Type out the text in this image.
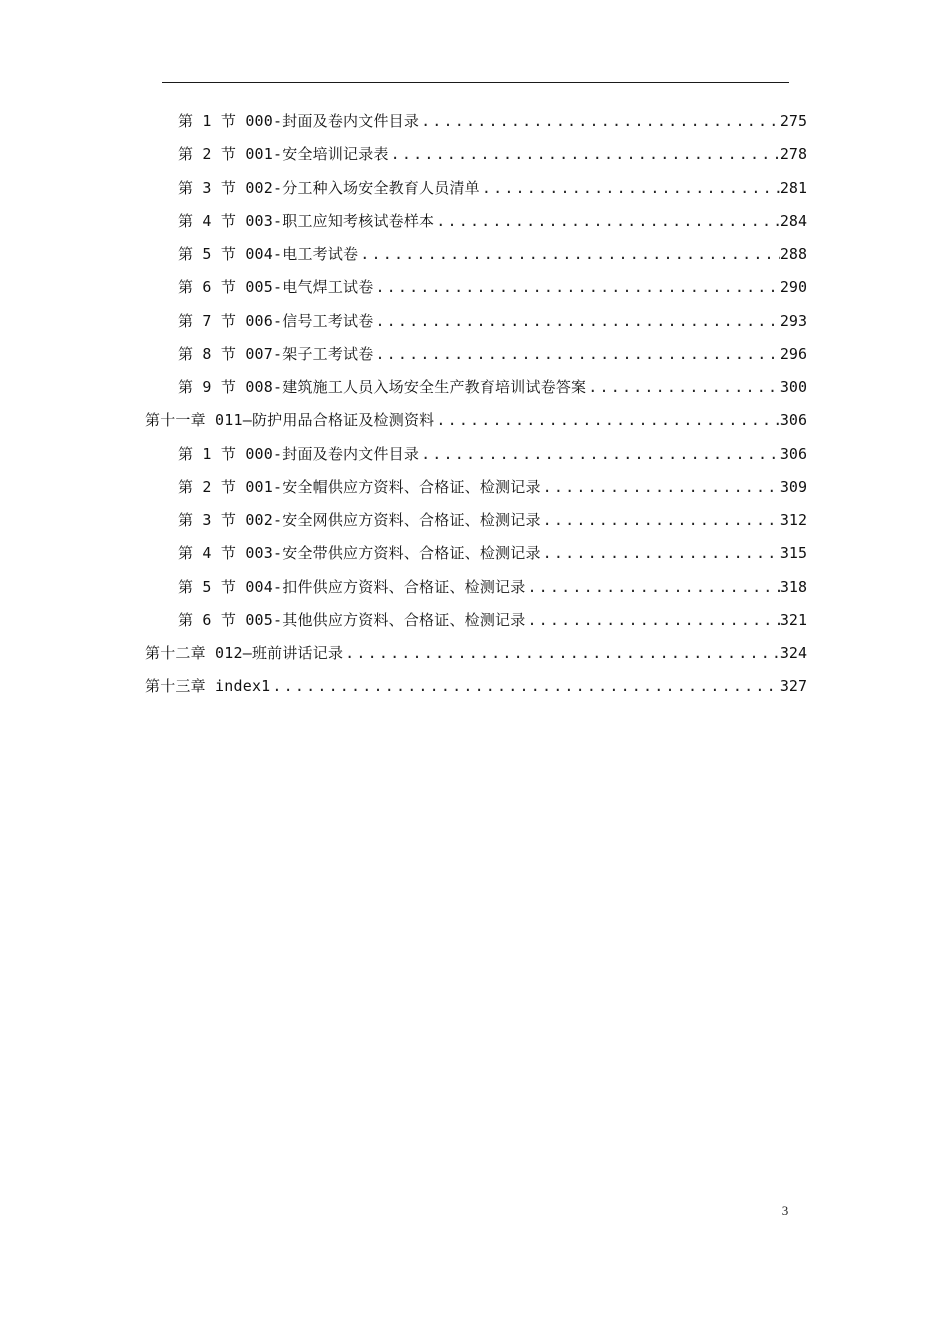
第 1 节 000-封面及卷内文件目录 .....	275
第 2 节 001-安全培训记录表 .....	278
第 3 节 002-分工种入场安全教育人员清单 .....	281
第 4 节 003-职工应知考核试卷样本 .....	284
第 5 节 004-电工考试卷 .....	288
第 6 节 005-电气焊工试卷 .....	290
第 7 节 006-信号工考试卷 .....	293
第 8 节 007-架子工考试卷 .....	296
第 9 节 008-建筑施工人员入场安全生产教育培训试卷答案 .....	300
第十一章 011—防护用品合格证及检测资料 .....	306
第 1 节 000-封面及卷内文件目录 .....	306
第 2 节 001-安全帽供应方资料、合格证、检测记录 .....	309
第 3 节 002-安全网供应方资料、合格证、检测记录 .....	312
第 4 节 003-安全带供应方资料、合格证、检测记录 .....	315
第 5 节 004-扣件供应方资料、合格证、检测记录 .....	318
第 6 节 005-其他供应方资料、合格证、检测记录 .....	321
第十二章 012—班前讲话记录 .....	324
第十三章 index1 .....	327
3
